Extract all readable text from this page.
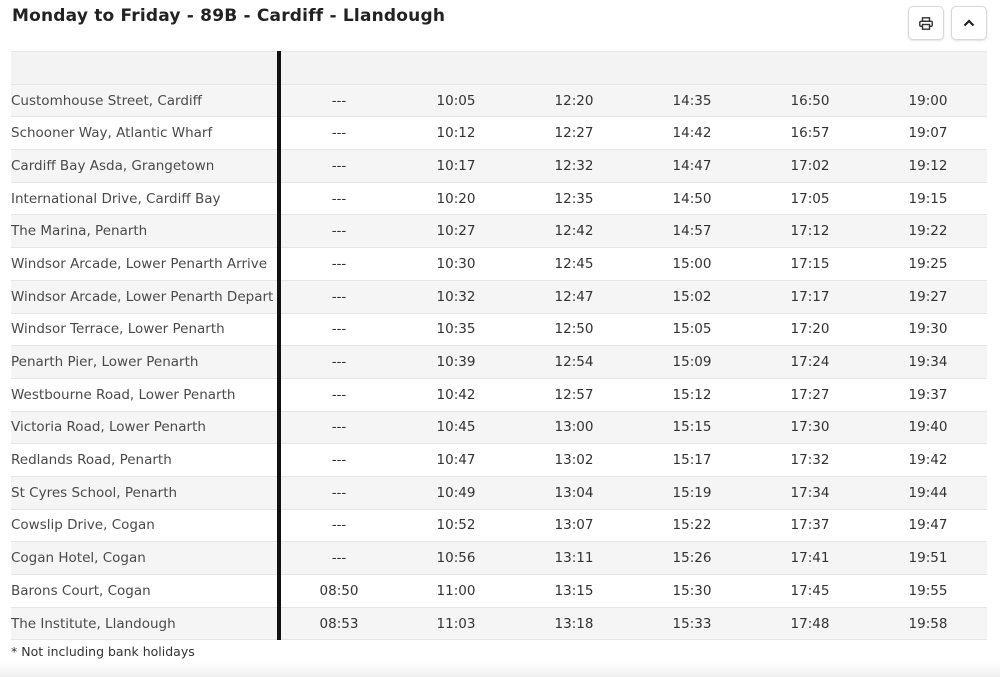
Monday to Friday - 89B - Cardiff - Llandough

Customhouse Street, Cardiff	---	10:05	12:20	14:35	16:50	19:00
Schooner Way, Atlantic Wharf	---	10:12	12:27	14:42	16:57	19:07
Cardiff Bay Asda, Grangetown	---	10:17	12:32	14:47	17:02	19:12
International Drive, Cardiff Bay	---	10:20	12:35	14:50	17:05	19:15
The Marina, Penarth	---	10:27	12:42	14:57	17:12	19:22
Windsor Arcade, Lower Penarth Arrive	---	10:30	12:45	15:00	17:15	19:25
Windsor Arcade, Lower Penarth Depart	---	10:32	12:47	15:02	17:17	19:27
Windsor Terrace, Lower Penarth	---	10:35	12:50	15:05	17:20	19:30
Penarth Pier, Lower Penarth	---	10:39	12:54	15:09	17:24	19:34
Westbourne Road, Lower Penarth	---	10:42	12:57	15:12	17:27	19:37
Victoria Road, Lower Penarth	---	10:45	13:00	15:15	17:30	19:40
Redlands Road, Penarth	---	10:47	13:02	15:17	17:32	19:42
St Cyres School, Penarth	---	10:49	13:04	15:19	17:34	19:44
Cowslip Drive, Cogan	---	10:52	13:07	15:22	17:37	19:47
Cogan Hotel, Cogan	---	10:56	13:11	15:26	17:41	19:51
Barons Court, Cogan	08:50	11:00	13:15	15:30	17:45	19:55
The Institute, Llandough	08:53	11:03	13:18	15:33	17:48	19:58
* Not including bank holidays
